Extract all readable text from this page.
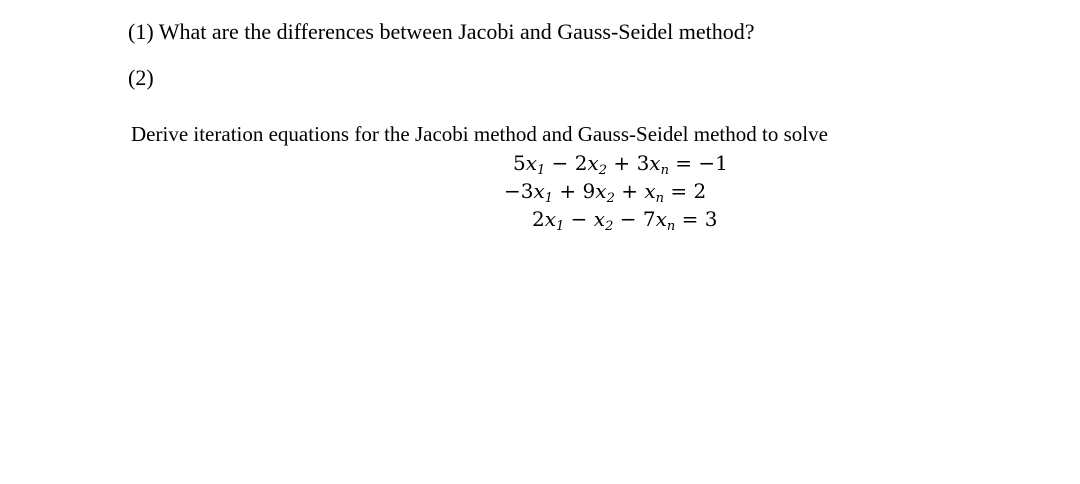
(1) What are the differences between Jacobi and Gauss-Seidel method?
(2)
Derive iteration equations for the Jacobi method and Gauss-Seidel method to solve
$5x_1 - 2x_2 + 3x_n = -1$
$-3x_1 + 9x_2 + x_n = 2$
$2x_1 - x_2 - 7x_n = 3$
